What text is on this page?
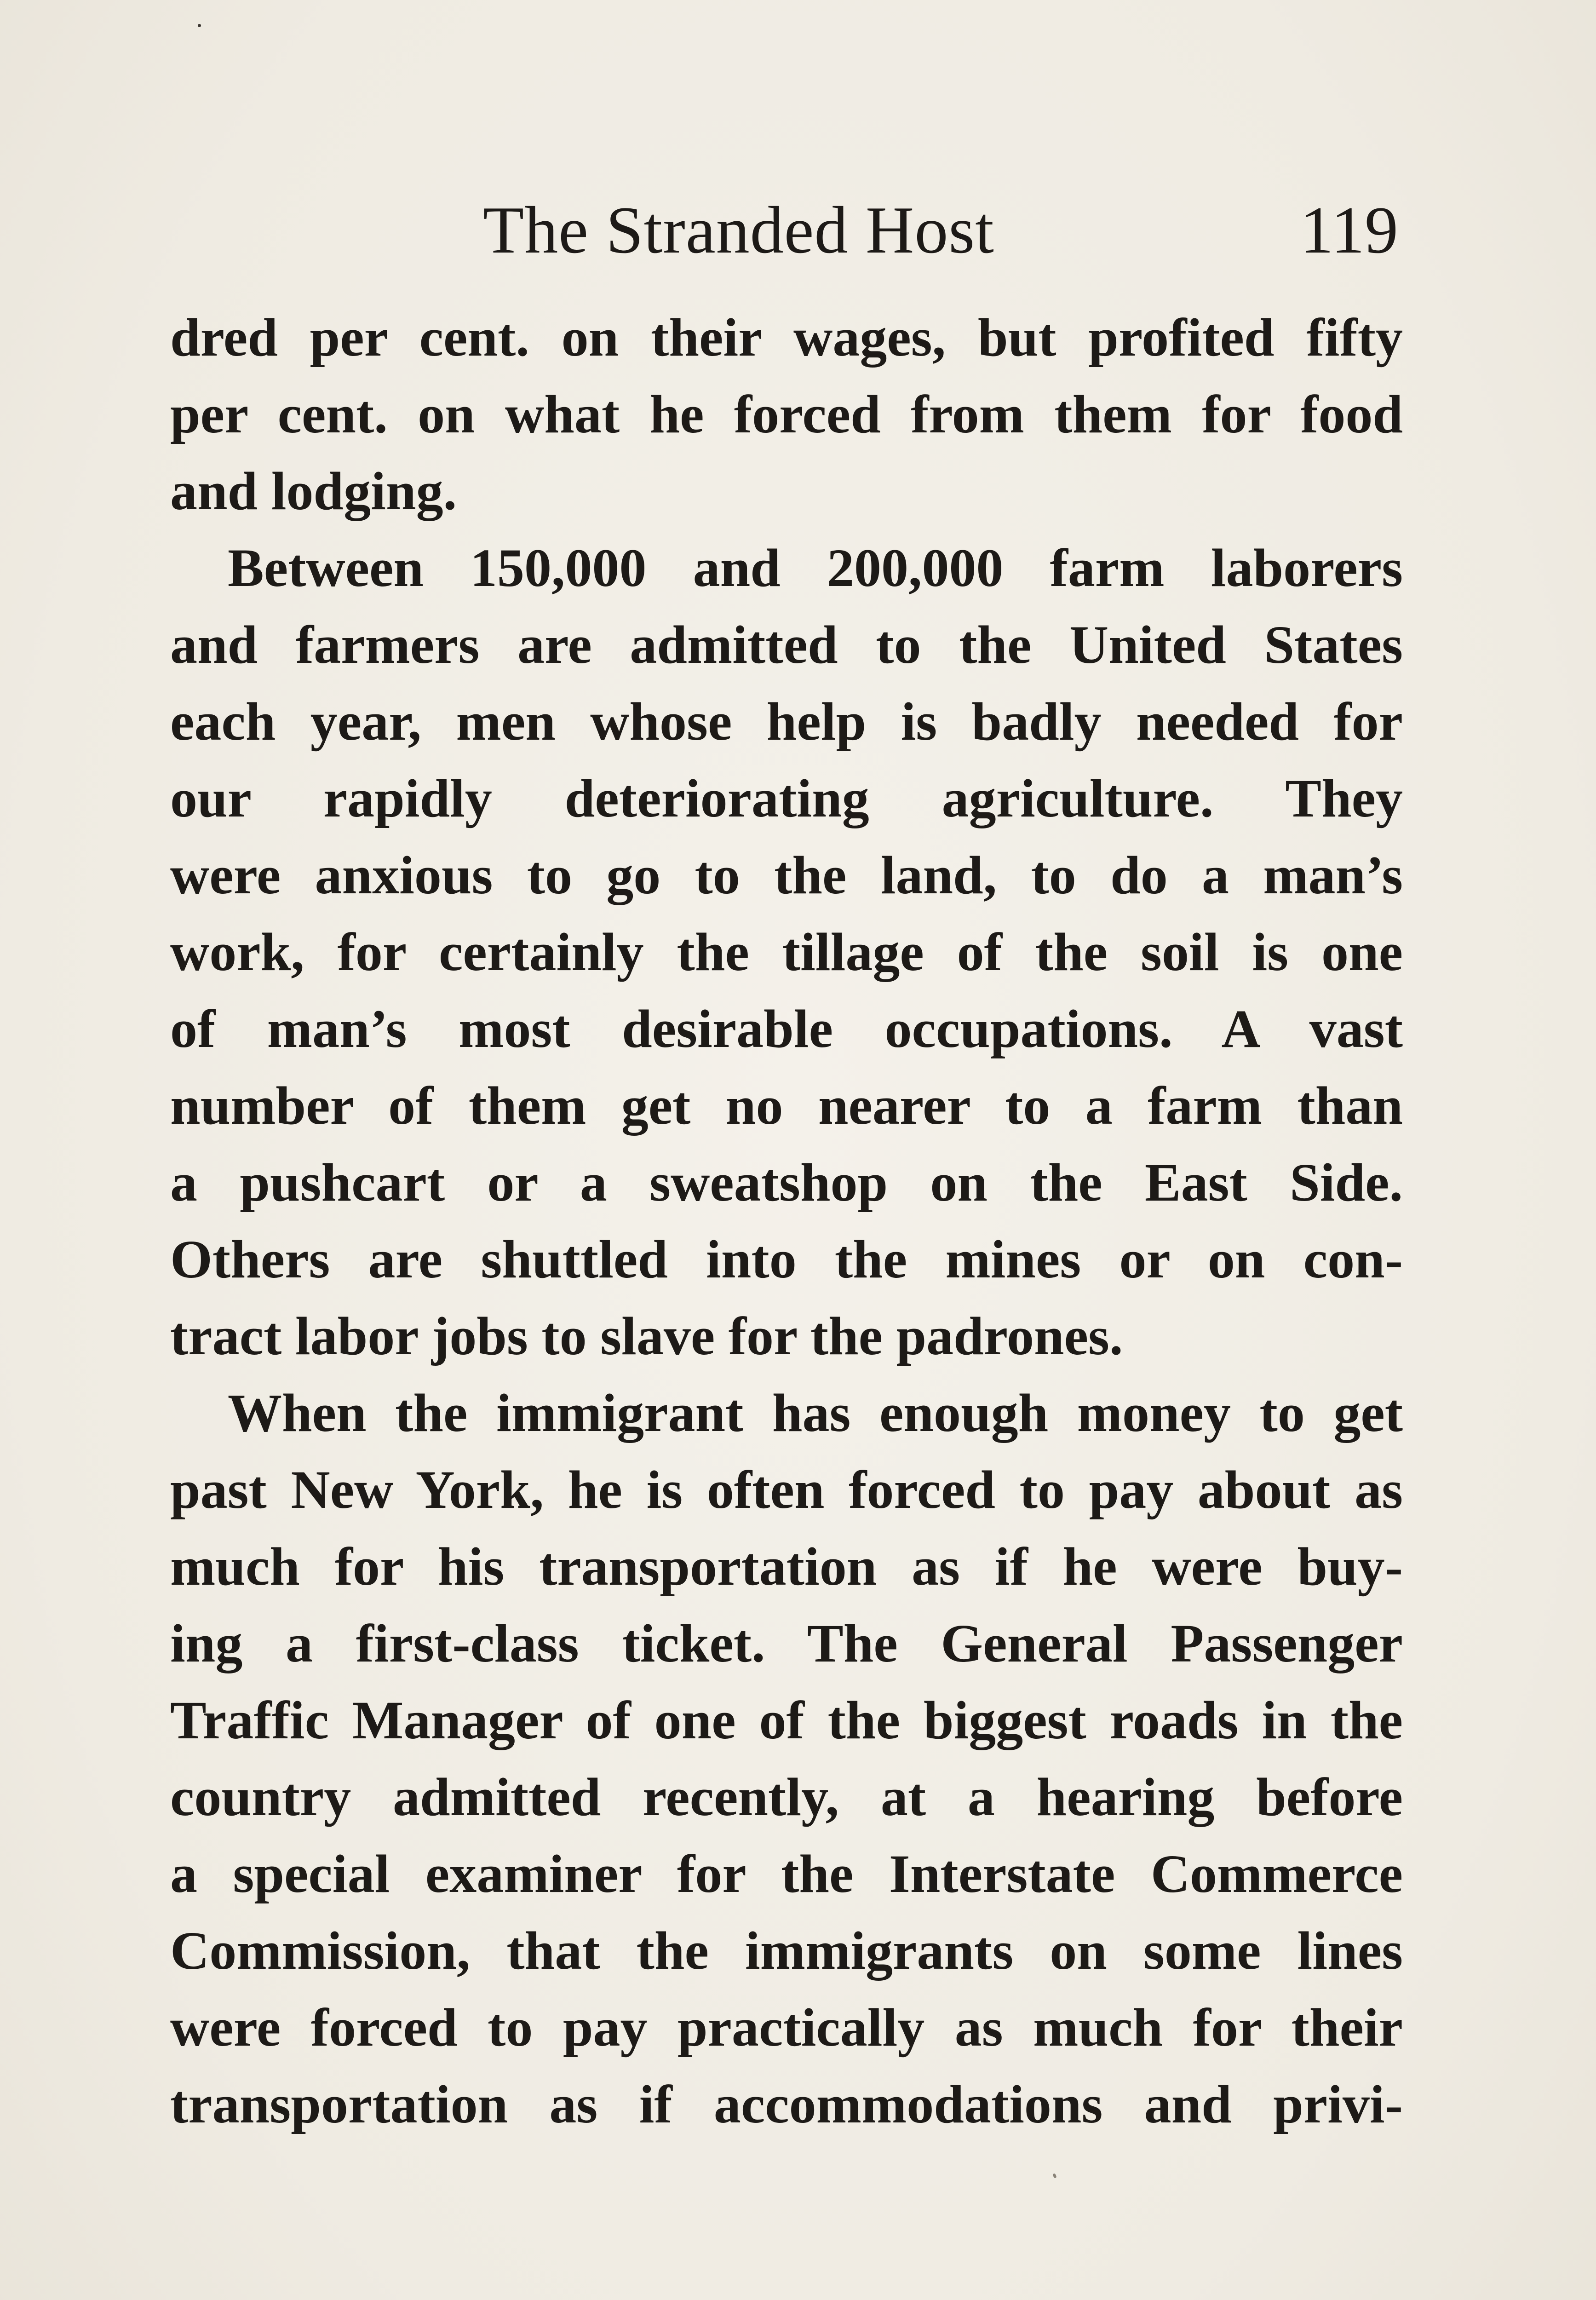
The Stranded Host	119
dred per cent. on their wages, but profited fifty
per cent. on what he forced from them for food
and lodging.
Between 150,000 and 200,000 farm laborers
and farmers are admitted to the United States
each year, men whose help is badly needed for
our rapidly deteriorating agriculture. They
were anxious to go to the land, to do a man’s
work, for certainly the tillage of the soil is one
of man’s most desirable occupations. A vast
number of them get no nearer to a farm than
a pushcart or a sweatshop on the East Side.
Others are shuttled into the mines or on con-
tract labor jobs to slave for the padrones.
When the immigrant has enough money to get
past New York, he is often forced to pay about as
much for his transportation as if he were buy-
ing a first-class ticket. The General Passenger
Traffic Manager of one of the biggest roads in the
country admitted recently, at a hearing before
a special examiner for the Interstate Commerce
Commission, that the immigrants on some lines
were forced to pay practically as much for their
transportation as if accommodations and privi-
